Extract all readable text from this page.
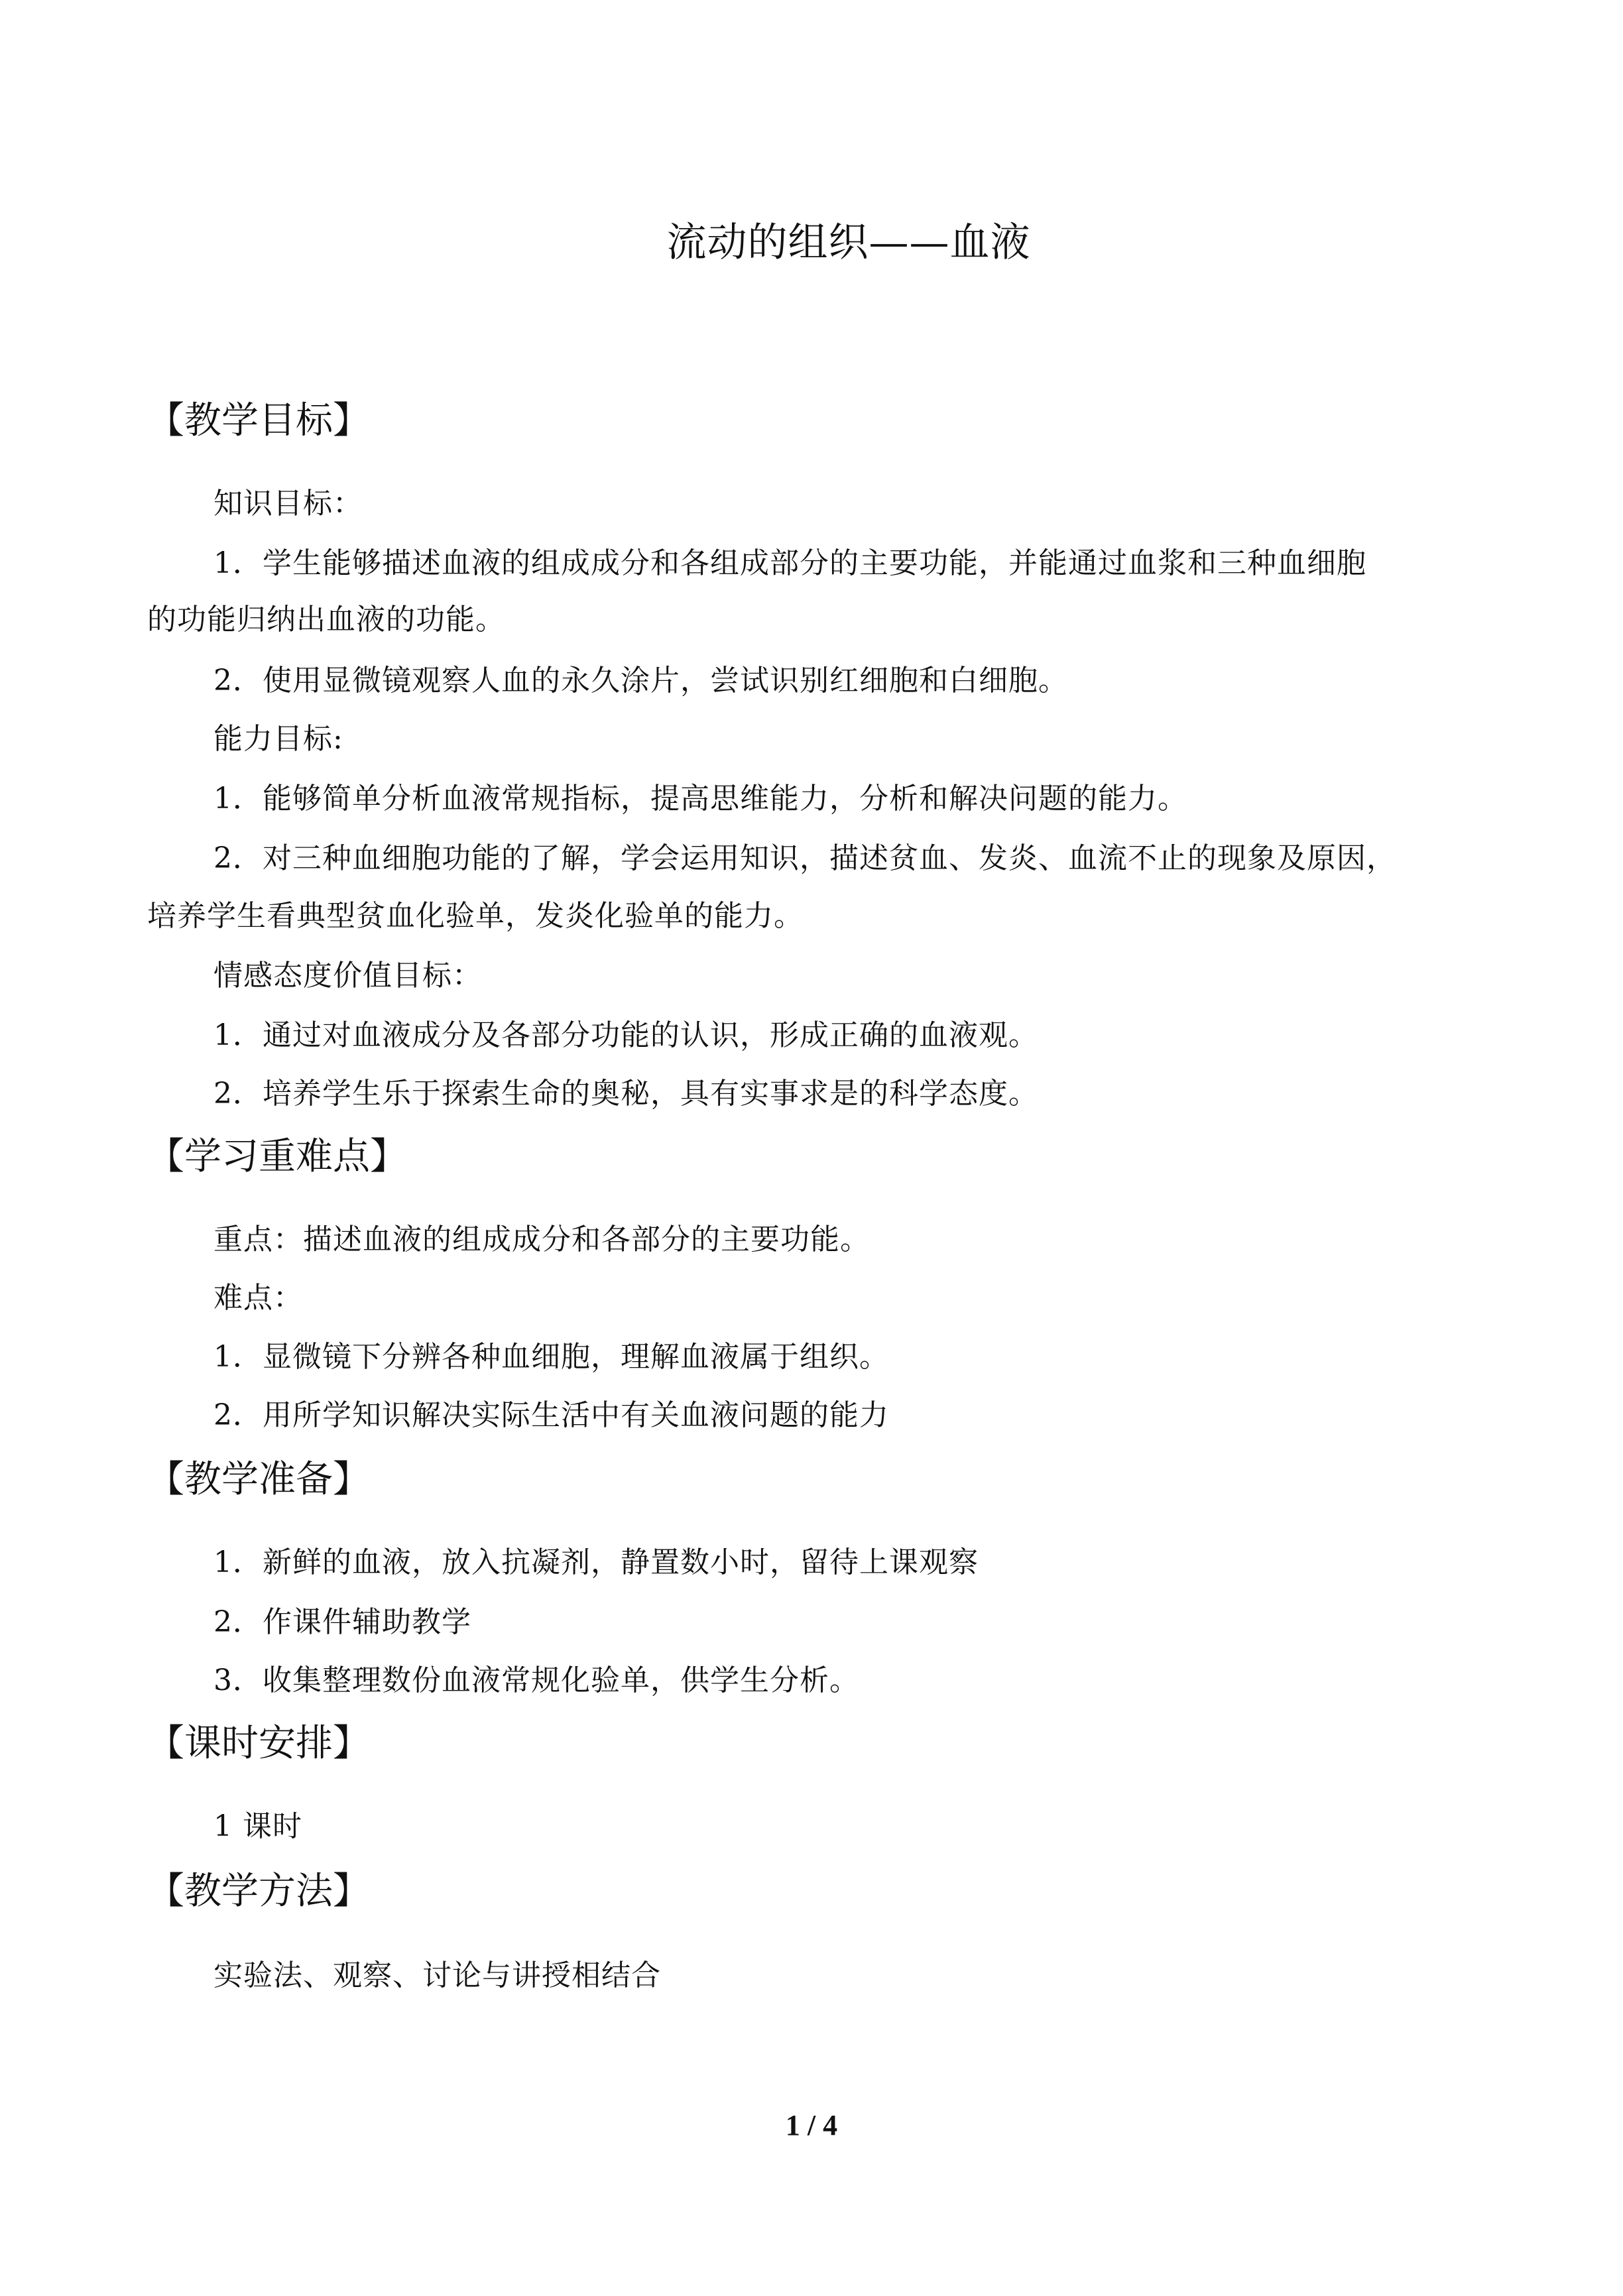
流动的组织——血液
【教学目标】
知识目标：
1．学生能够描述血液的组成成分和各组成部分的主要功能，并能通过血浆和三种血细胞
的功能归纳出血液的功能。
2．使用显微镜观察人血的永久涂片，尝试识别红细胞和白细胞。
能力目标:
1．能够简单分析血液常规指标，提高思维能力，分析和解决问题的能力。
2．对三种血细胞功能的了解，学会运用知识，描述贫血、发炎、血流不止的现象及原因，
培养学生看典型贫血化验单，发炎化验单的能力。
情感态度价值目标：
1．通过对血液成分及各部分功能的认识，形成正确的血液观。
2．培养学生乐于探索生命的奥秘，具有实事求是的科学态度。
【学习重难点】
重点：描述血液的组成成分和各部分的主要功能。
难点：
1．显微镜下分辨各种血细胞，理解血液属于组织。
2．用所学知识解决实际生活中有关血液问题的能力
【教学准备】
1．新鲜的血液，放入抗凝剂，静置数小时，留待上课观察
2．作课件辅助教学
3．收集整理数份血液常规化验单，供学生分析。
【课时安排】
1 课时
【教学方法】
实验法、观察、讨论与讲授相结合
1 / 4
